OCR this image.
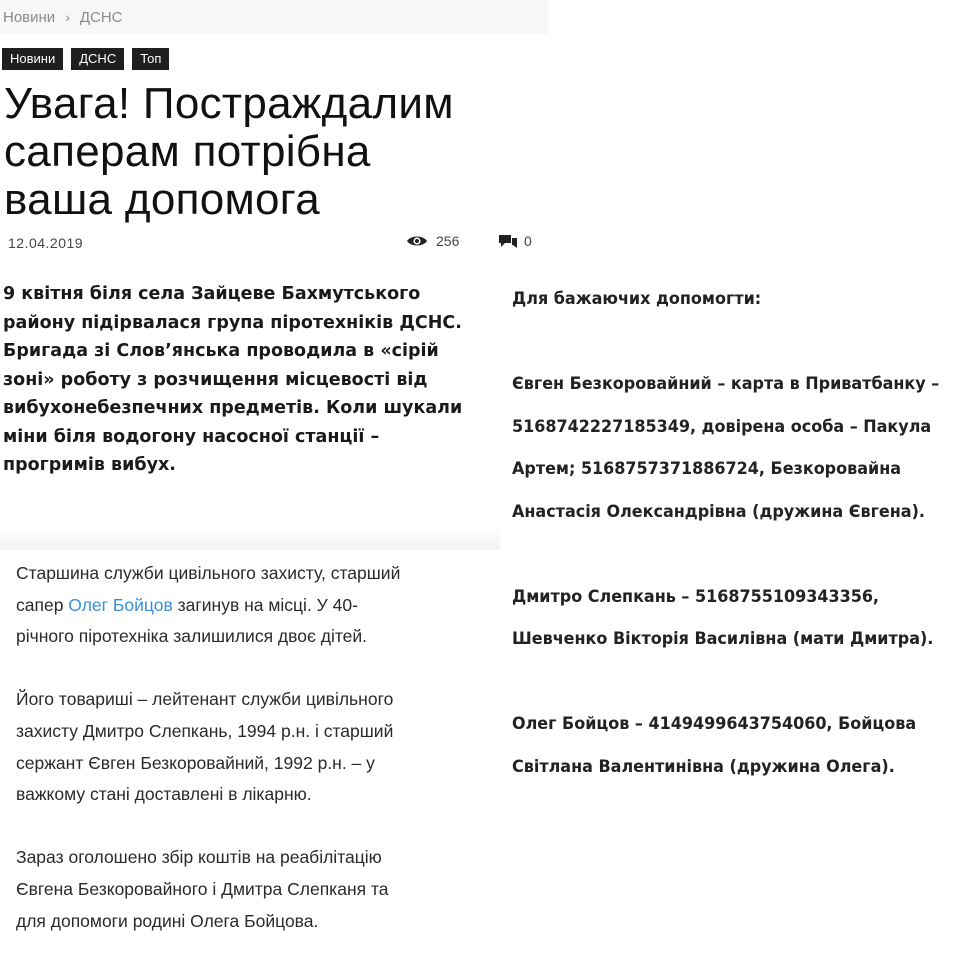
Новини › ДСНС
Новини	ДСНС	Топ
Увага! Постраждалим
саперам потрібна
ваша допомога
12.04.2019	256	0

9 квітня біля села Зайцеве Бахмутського
району підірвалася група піротехніків ДСНС.
Бригада зі Слов’янська проводила в «сірій
зоні» роботу з розчищення місцевості від
вибухонебезпечних предметів. Коли шукали
міни біля водогону насосної станції –
прогримів вибух.

Старшина служби цивільного захисту, старший
сапер Олег Бойцов загинув на місці. У 40-
річного піротехніка залишилися двоє дітей.

Його товариші – лейтенант служби цивільного
захисту Дмитро Слепкань, 1994 р.н. і старший
сержант Євген Безкоровайний, 1992 р.н. – у
важкому стані доставлені в лікарню.

Зараз оголошено збір коштів на реабілітацію
Євгена Безкоровайного і Дмитра Слепканя та
для допомоги родині Олега Бойцова.

Для бажаючих допомогти:

Євген Безкоровайний – карта в Приватбанку –
5168742227185349, довірена особа – Пакула
Артем; 5168757371886724, Безкоровайна
Анастасія Олександрівна (дружина Євгена).

Дмитро Слепкань – 5168755109343356,
Шевченко Вікторія Василівна (мати Дмитра).

Олег Бойцов – 4149499643754060, Бойцова
Світлана Валентинівна (дружина Олега).
